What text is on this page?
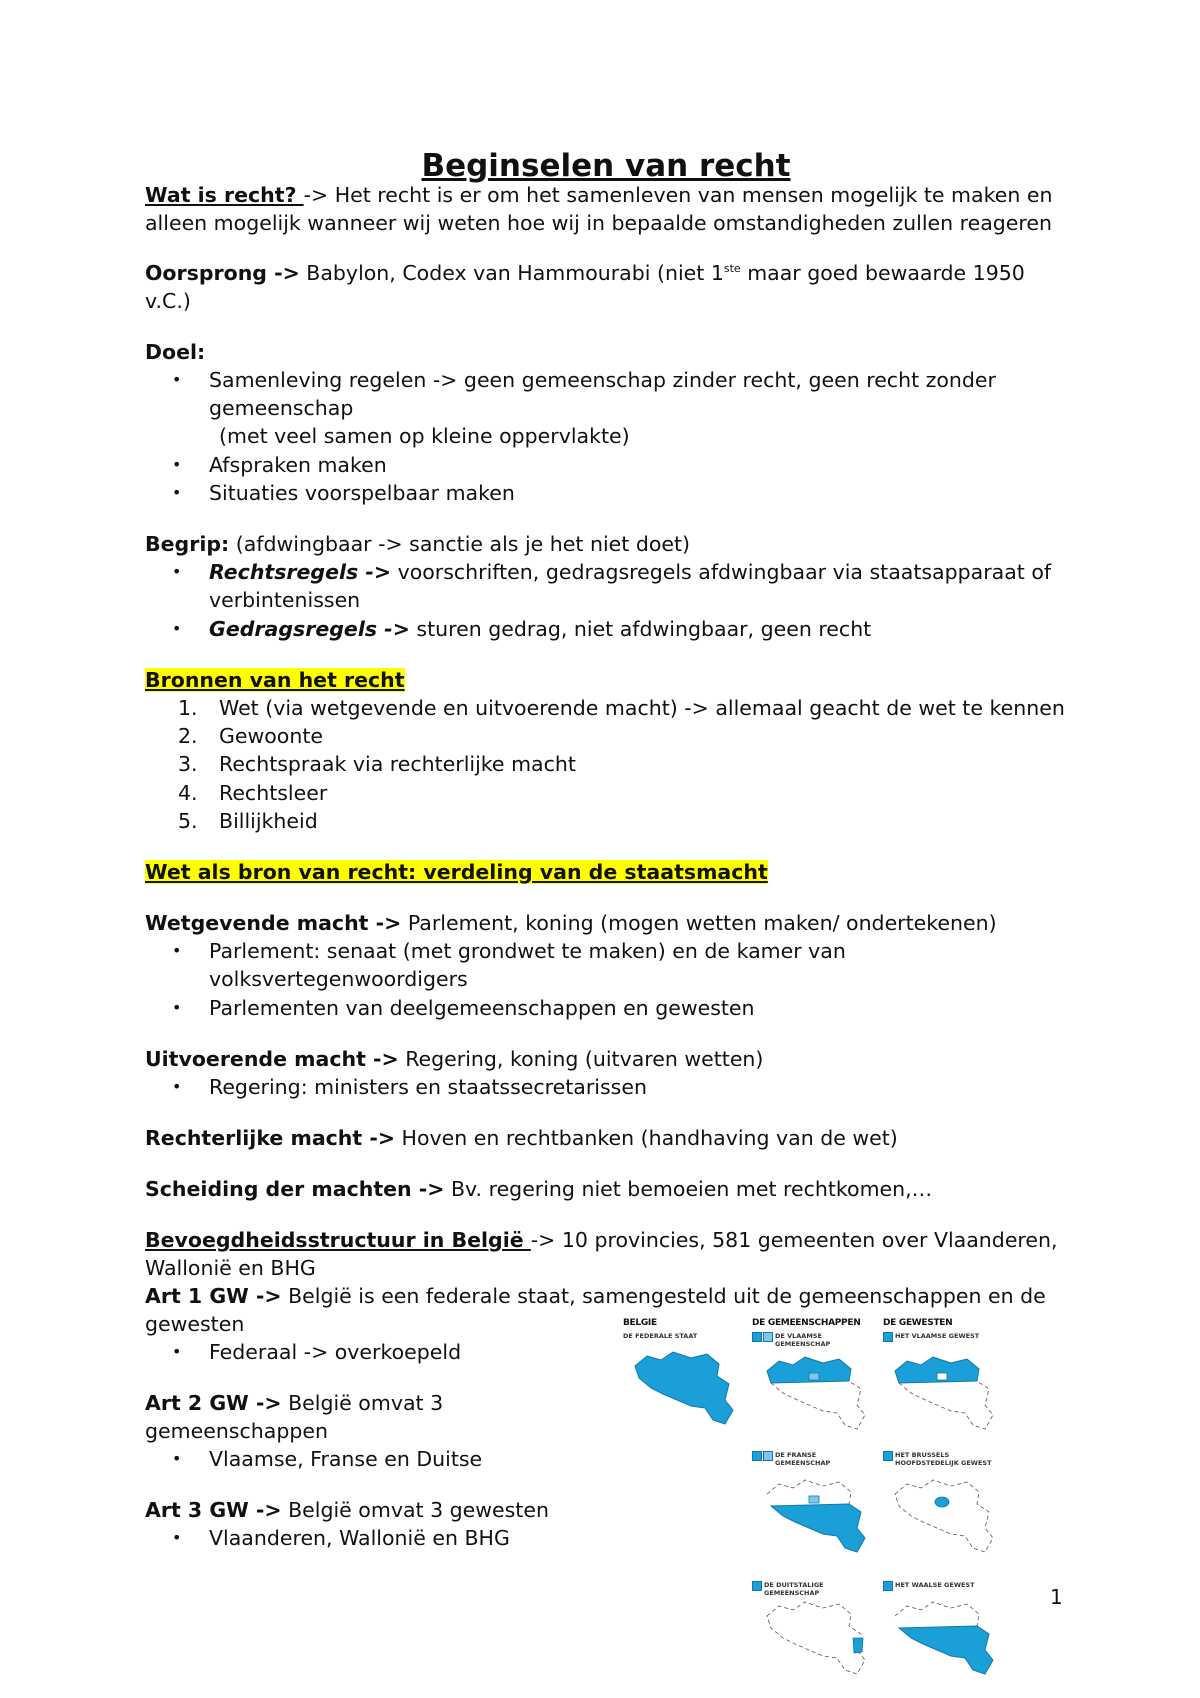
Beginselen van recht
Wat is recht? -> Het recht is er om het samenleven van mensen mogelijk te maken en
alleen mogelijk wanneer wij weten hoe wij in bepaalde omstandigheden zullen reageren
Oorsprong -> Babylon, Codex van Hammourabi (niet 1ste maar goed bewaarde 1950
v.C.)
Doel:
• Samenleving regelen -> geen gemeenschap zinder recht, geen recht zonder
gemeenschap
(met veel samen op kleine oppervlakte)
• Afspraken maken
• Situaties voorspelbaar maken
Begrip: (afdwingbaar -> sanctie als je het niet doet)
• Rechtsregels -> voorschriften, gedragsregels afdwingbaar via staatsapparaat of
verbintenissen
• Gedragsregels -> sturen gedrag, niet afdwingbaar, geen recht
Bronnen van het recht
1. Wet (via wetgevende en uitvoerende macht) -> allemaal geacht de wet te kennen
2. Gewoonte
3. Rechtspraak via rechterlijke macht
4. Rechtsleer
5. Billijkheid
Wet als bron van recht: verdeling van de staatsmacht
Wetgevende macht -> Parlement, koning (mogen wetten maken/ ondertekenen)
• Parlement: senaat (met grondwet te maken) en de kamer van
volksvertegenwoordigers
• Parlementen van deelgemeenschappen en gewesten
Uitvoerende macht -> Regering, koning (uitvaren wetten)
• Regering: ministers en staatssecretarissen
Rechterlijke macht -> Hoven en rechtbanken (handhaving van de wet)
Scheiding der machten -> Bv. regering niet bemoeien met rechtkomen,…
Bevoegdheidsstructuur in België -> 10 provincies, 581 gemeenten over Vlaanderen,
Wallonië en BHG
Art 1 GW -> België is een federale staat, samengesteld uit de gemeenschappen en de
gewesten
• Federaal -> overkoepeld
Art 2 GW -> België omvat 3
gemeenschappen
• Vlaamse, Franse en Duitse
Art 3 GW -> België omvat 3 gewesten
• Vlaanderen, Wallonië en BHG
BELGIE	DE GEMEENSCHAPPEN	DE GEWESTEN
DE FEDERALE STAAT	DE VLAAMSE GEMEENSCHAP
HET VLAAMSE GEWEST
DE FRANSE GEMEENSCHAP
HET BRUSSELS HOOFDSTEDELIJK GEWEST
DE DUITSTALIGE GEMEENSCHAP
HET WAALSE GEWEST	1
